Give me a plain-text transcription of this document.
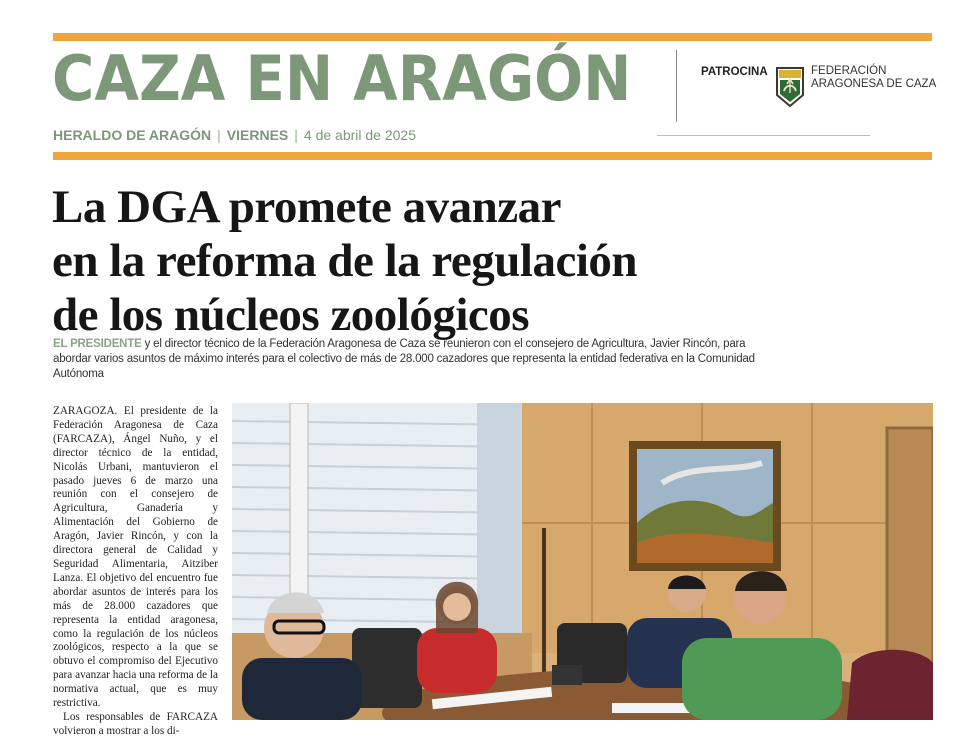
CAZA EN ARAGÓN
HERALDO DE ARAGÓN | VIERNES | 4 de abril de 2025
PATROCINA	FEDERACIÓN
ARAGONESA DE CAZA
La DGA promete avanzar
en la reforma de la regulación
de los núcleos zoológicos
EL PRESIDENTE y el director técnico de la Federación Aragonesa de Caza se reunieron con el consejero de Agricultura, Javier Rincón, para abordar varios asuntos de máximo interés para el colectivo de más de 28.000 cazadores que representa la entidad federativa en la Comunidad Autónoma

ZARAGOZA. El presidente de la Federación Aragonesa de Caza (FARCAZA), Ángel Nuño, y el director técnico de la entidad, Nicolás Urbani, mantuvieron el pasado jueves 6 de marzo una reunión con el consejero de Agricultura, Ganadería y Alimentación del Gobierno de Aragón, Javier Rincón, y con la directora general de Calidad y Seguridad Alimentaria, Aitziber Lanza. El objetivo del encuentro fue abordar asuntos de interés para los más de 28.000 cazadores que representa la entidad aragonesa, como la regulación de los núcleos zoológicos, respecto a la que se obtuvo el compromiso del Ejecutivo para avanzar hacia una reforma de la normativa actual, que es muy restrictiva.

Los responsables de FARCAZA volvieron a mostrar a los di-
